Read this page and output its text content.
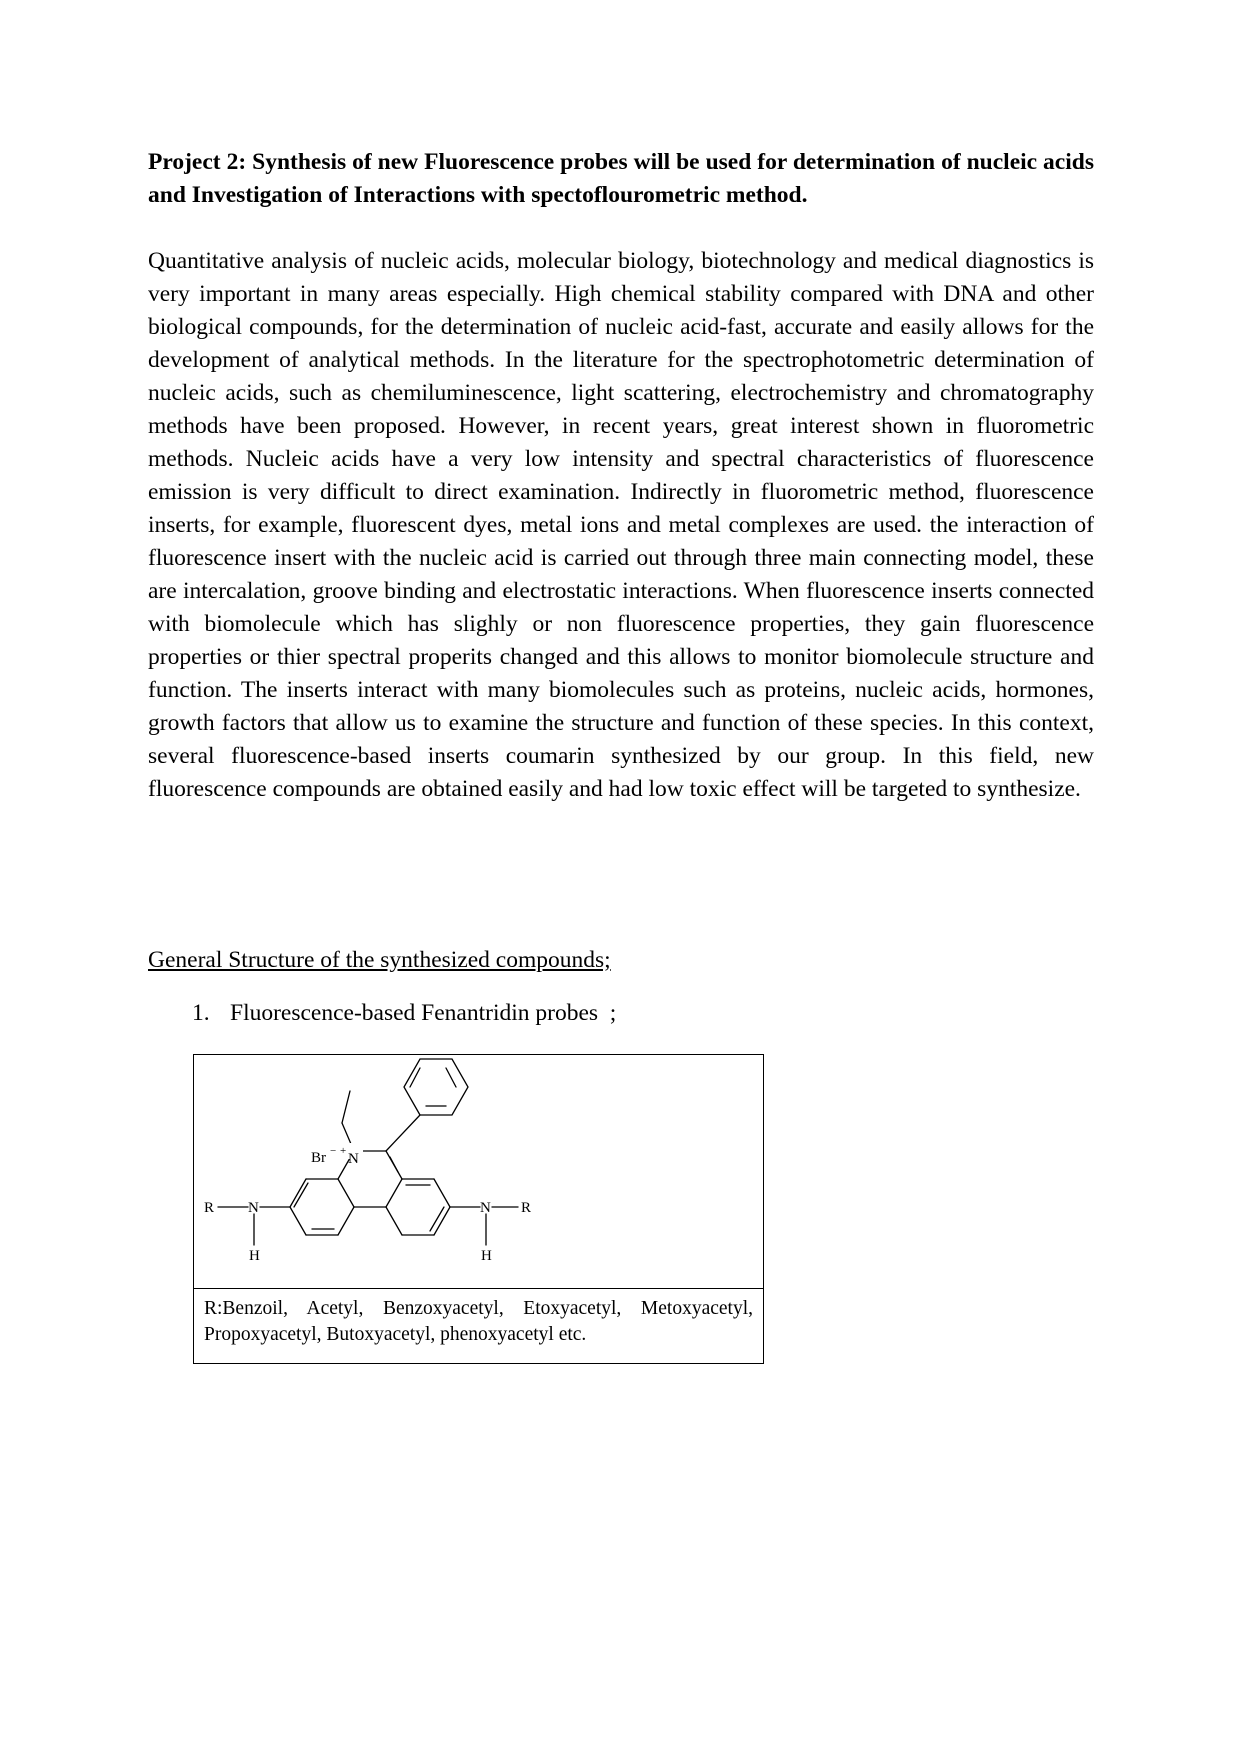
Project 2: Synthesis of new Fluorescence probes will be used for determination of nucleic acids and Investigation of Interactions with spectoflourometric method.

Quantitative analysis of nucleic acids, molecular biology, biotechnology and medical diagnostics is very important in many areas especially. High chemical stability compared with DNA and other biological compounds, for the determination of nucleic acid-fast, accurate and easily allows for the development of analytical methods. In the literature for the spectrophotometric determination of nucleic acids, such as chemiluminescence, light scattering, electrochemistry and chromatography methods have been proposed. However, in recent years, great interest shown in fluorometric methods. Nucleic acids have a very low intensity and spectral characteristics of fluorescence emission is very difficult to direct examination. Indirectly in fluorometric method, fluorescence inserts, for example, fluorescent dyes, metal ions and metal complexes are used. the interaction of fluorescence insert with the nucleic acid is carried out through three main connecting model, these are intercalation, groove binding and electrostatic interactions. When fluorescence inserts connected with biomolecule which has slighly or non fluorescence properties, they gain fluorescence properties or thier spectral properits changed and this allows to monitor biomolecule structure and function. The inserts interact with many biomolecules such as proteins, nucleic acids, hormones, growth factors that allow us to examine the structure and function of these species. In this context, several fluorescence-based inserts coumarin synthesized by our group. In this field, new fluorescence compounds are obtained easily and had low toxic effect will be targeted to synthesize.

General Structure of the synthesized compounds;

1. Fluorescence-based Fenantridin probes  ;
Br − + N
R N
H
N R
H

R:Benzoil, Acetyl, Benzoxyacetyl, Etoxyacetyl, Metoxyacetyl, Propoxyacetyl, Butoxyacetyl, phenoxyacetyl etc.
